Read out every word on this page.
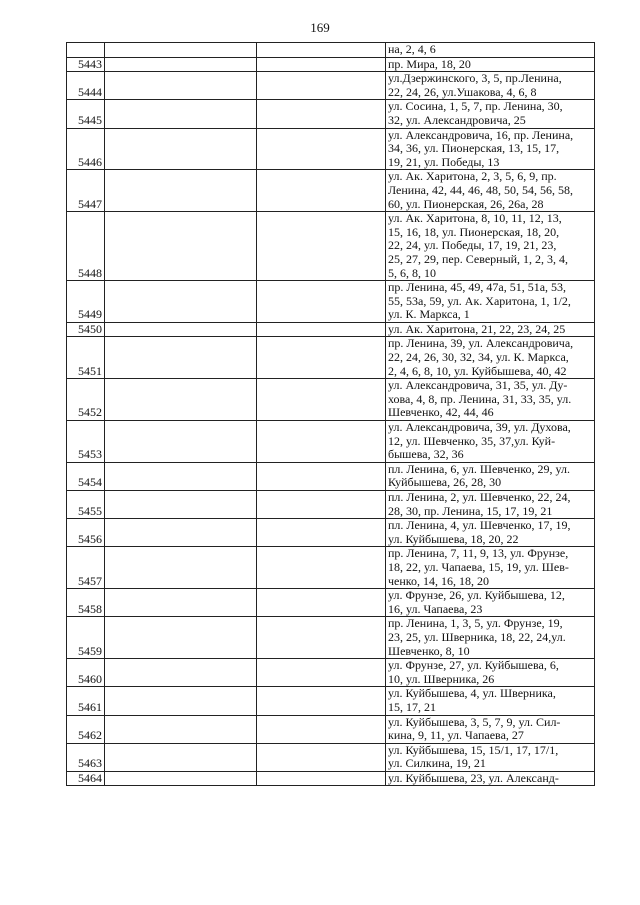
169

			на, 2, 4, 6

5443			пр. Мира, 18, 20

5444			ул.Дзержинского, 3, 5, пр.Ленина,
22, 24, 26, ул.Ушакова, 4, 6, 8

5445			ул. Сосина, 1, 5, 7, пр. Ленина, 30,
32, ул. Александровича, 25

5446			ул. Александровича, 16, пр. Ленина,
34, 36, ул. Пионерская, 13, 15, 17,
19, 21, ул. Победы, 13

5447			ул. Ак. Харитона, 2, 3, 5, 6, 9, пр.
Ленина, 42, 44, 46, 48, 50, 54, 56, 58,
60, ул. Пионерская, 26, 26а, 28

5448			ул. Ак. Харитона, 8, 10, 11, 12, 13,
15, 16, 18, ул. Пионерская, 18, 20,
22, 24, ул. Победы, 17, 19, 21, 23,
25, 27, 29, пер. Северный, 1, 2, 3, 4,
5, 6, 8, 10

5449			пр. Ленина, 45, 49, 47а, 51, 51а, 53,
55, 53а, 59, ул. Ак. Харитона, 1, 1/2,
ул. К. Маркса, 1

5450			ул. Ак. Харитона, 21, 22, 23, 24, 25

5451			пр. Ленина, 39, ул. Александровича,
22, 24, 26, 30, 32, 34, ул. К. Маркса,
2, 4, 6, 8, 10, ул. Куйбышева, 40, 42

5452			ул. Александровича, 31, 35, ул. Ду-
хова, 4, 8, пр. Ленина, 31, 33, 35, ул.
Шевченко, 42, 44, 46

5453			ул. Александровича, 39, ул. Духова,
12, ул. Шевченко, 35, 37,ул. Куй-
бышева, 32, 36

5454			пл. Ленина, 6, ул. Шевченко, 29, ул.
Куйбышева, 26, 28, 30

5455			пл. Ленина, 2, ул. Шевченко, 22, 24,
28, 30, пр. Ленина, 15, 17, 19, 21

5456			пл. Ленина, 4, ул. Шевченко, 17, 19,
ул. Куйбышева, 18, 20, 22

5457			пр. Ленина, 7, 11, 9, 13, ул. Фрунзе,
18, 22, ул. Чапаева, 15, 19, ул. Шев-
ченко, 14, 16, 18, 20

5458			ул. Фрунзе, 26, ул. Куйбышева, 12,
16, ул. Чапаева, 23

5459			пр. Ленина, 1, 3, 5, ул. Фрунзе, 19,
23, 25, ул. Шверника, 18, 22, 24,ул.
Шевченко, 8, 10

5460			ул. Фрунзе, 27, ул. Куйбышева, 6,
10, ул. Шверника, 26

5461			ул. Куйбышева, 4, ул. Шверника,
15, 17, 21

5462			ул. Куйбышева, 3, 5, 7, 9, ул. Сил-
кина, 9, 11, ул. Чапаева, 27

5463			ул. Куйбышева, 15, 15/1, 17, 17/1,
ул. Силкина, 19, 21

5464			ул. Куйбышева, 23, ул. Александ-
